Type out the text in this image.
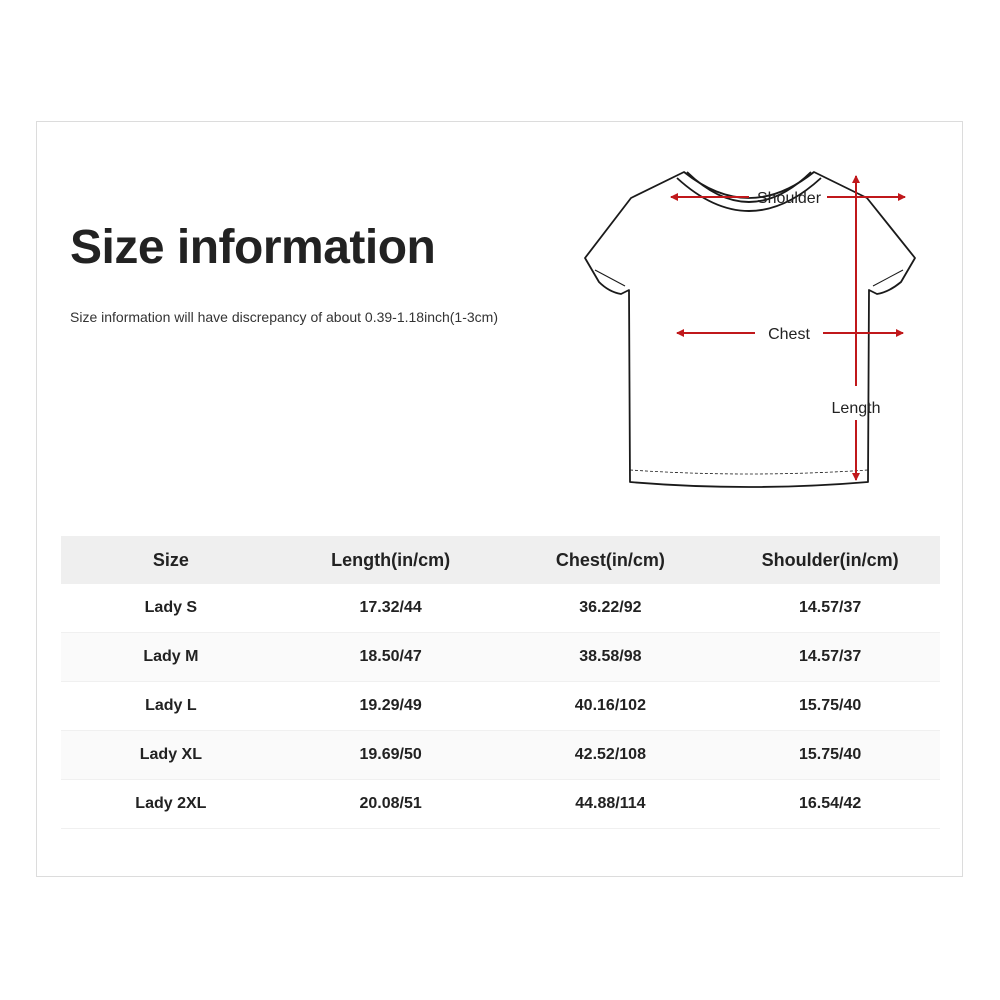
Size information

Size information will have discrepancy of about 0.39-1.18inch(1-3cm)

Shoulder
Chest
Length
Size	Length(in/cm)	Chest(in/cm)	Shoulder(in/cm)
Lady S	17.32/44	36.22/92	14.57/37
Lady M	18.50/47	38.58/98	14.57/37
Lady L	19.29/49	40.16/102	15.75/40
Lady XL	19.69/50	42.52/108	15.75/40
Lady 2XL	20.08/51	44.88/114	16.54/42
